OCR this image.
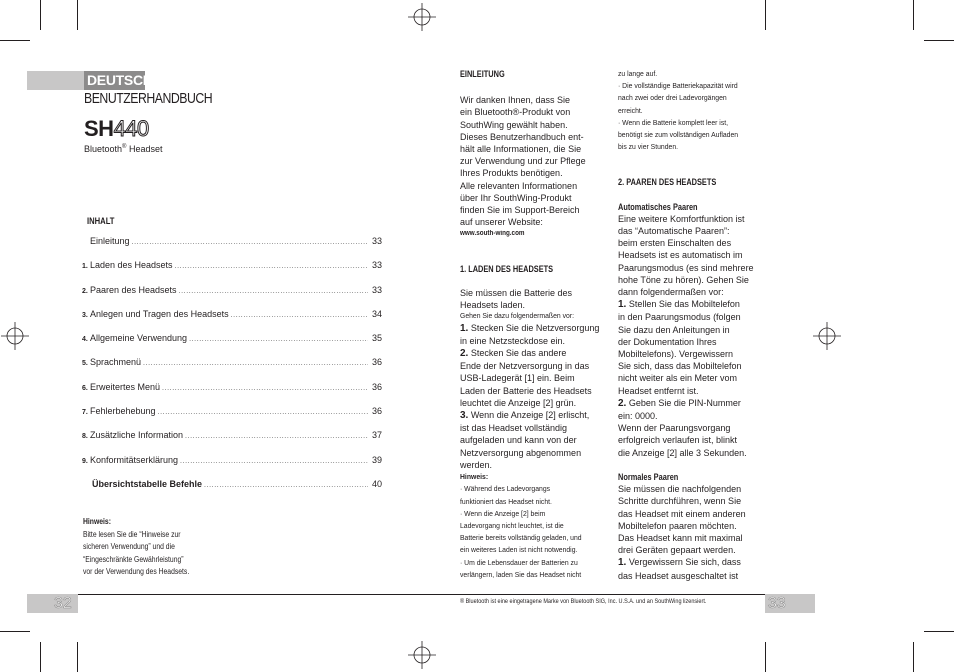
DEUTSCH
BENUTZERHANDBUCH
SH440
Bluetooth® Headset
INHALT
Einleitung .....	33
1. Laden des Headsets .....	33
2. Paaren des Headsets .....	33
3. Anlegen und Tragen des Headsets .....	34
4. Allgemeine Verwendung .....	35
5. Sprachmenü .....	36
6. Erweitertes Menü .....	36
7. Fehlerbehebung .....	36
8. Zusätzliche Information .....	37
9. Konformitätserklärung .....	39
Übersichtstabelle Befehle .....	40
Hinweis:
Bitte lesen Sie die “Hinweise zur
sicheren Verwendung” und die
“Eingeschränkte Gewährleistung”
vor der Verwendung des Headsets.
32

EINLEITUNG

Wir danken Ihnen, dass Sie

ein Bluetooth®-Produkt von

SouthWing gewählt haben.

Dieses Benutzerhandbuch ent-

hält alle Informationen, die Sie

zur Verwendung und zur Pflege

Ihres Produkts benötigen.

Alle relevanten Informationen

über Ihr SouthWing-Produkt

finden Sie im Support-Bereich

auf unserer Website:

www.south-wing.com

1. LADEN DES HEADSETS

Sie müssen die Batterie des

Headsets laden.

Gehen Sie dazu folgendermaßen vor:

1. Stecken Sie die Netzversorgung

in eine Netzsteckdose ein.

2. Stecken Sie das andere

Ende der Netzversorgung in das

USB-Ladegerät [1] ein. Beim

Laden der Batterie des Headsets

leuchtet die Anzeige [2] grün.

3. Wenn die Anzeige [2] erlischt,

ist das Headset vollständig

aufgeladen und kann von der

Netzversorgung abgenommen

werden.

Hinweis:

· Während des Ladevorgangs

funktioniert das Headset nicht.

· Wenn die Anzeige [2] beim

Ladevorgang nicht leuchtet, ist die

Batterie bereits vollständig geladen, und

ein weiteres Laden ist nicht notwendig.

· Um die Lebensdauer der Batterien zu

verlängern, laden Sie das Headset nicht

zu lange auf.

· Die vollständige Batteriekapazität wird

nach zwei oder drei Ladevorgängen

erreicht.

· Wenn die Batterie komplett leer ist,

benötigt sie zum vollständigen Aufladen

bis zu vier Stunden.

2. PAAREN DES HEADSETS

Automatisches Paaren

Eine weitere Komfortfunktion ist

das “Automatische Paaren”:

beim ersten Einschalten des

Headsets ist es automatisch im

Paarungsmodus (es sind mehrere

hohe Töne zu hören). Gehen Sie

dann folgendermaßen vor:

1. Stellen Sie das Mobiltelefon

in den Paarungsmodus (folgen

Sie dazu den Anleitungen in

der Dokumentation Ihres

Mobiltelefons). Vergewissern

Sie sich, dass das Mobiltelefon

nicht weiter als ein Meter vom

Headset entfernt ist.

2. Geben Sie die PIN-Nummer

ein: 0000.

Wenn der Paarungsvorgang

erfolgreich verlaufen ist, blinkt

die Anzeige [2] alle 3 Sekunden.

Normales Paaren

Sie müssen die nachfolgenden

Schritte durchführen, wenn Sie

das Headset mit einem anderen

Mobiltelefon paaren möchten.

Das Headset kann mit maximal

drei Geräten gepaart werden.

1. Vergewissern Sie sich, dass

das Headset ausgeschaltet ist

® Bluetooth ist eine eingetragene Marke von Bluetooth SIG, Inc. U.S.A. und an SouthWing lizensiert.	33
